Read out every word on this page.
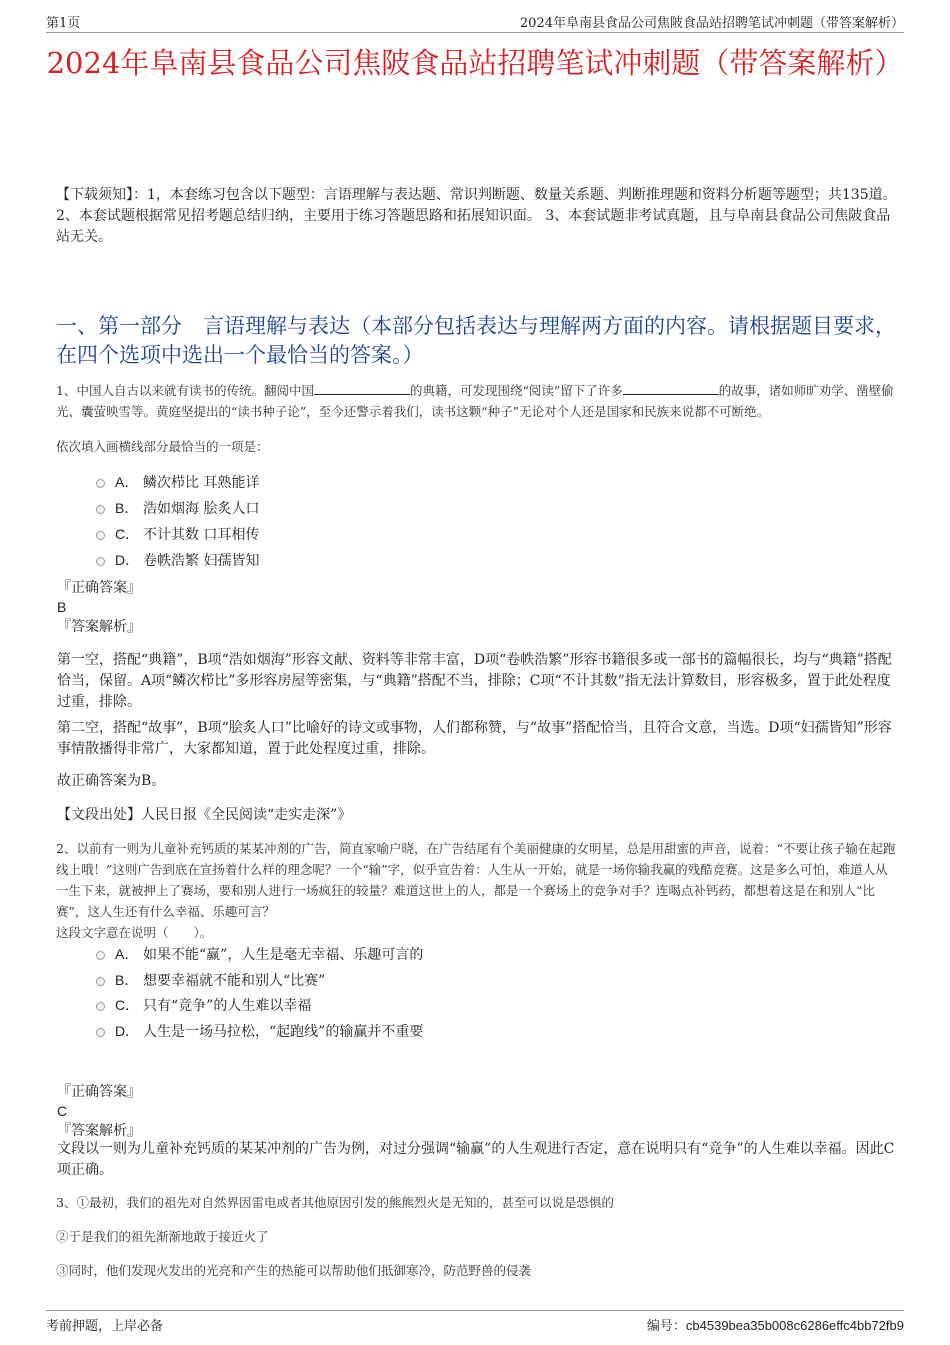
第1页	2024年阜南县食品公司焦陂食品站招聘笔试冲刺题（带答案解析）
2024年阜南县食品公司焦陂食品站招聘笔试冲刺题（带答案解析）
【下载须知】：1，本套练习包含以下题型：言语理解与表达题、常识判断题、数量关系题、判断推理题和资料分析题等题型；共135道。 2、本套试题根据常见招考题总结归纳，主要用于练习答题思路和拓展知识面。 3、本套试题非考试真题，且与阜南县食品公司焦陂食品站无关。
一、第一部分　言语理解与表达（本部分包括表达与理解两方面的内容。请根据题目要求，在四个选项中选出一个最恰当的答案。）
1、中国人自古以来就有读书的传统。翻阅中国	的典籍，可发现围绕“阅读”留下了许多	的故事，诸如师旷劝学、凿壁偷光、囊萤映雪等。黄庭坚提出的“读书种子论”，至今还警示着我们，读书这颗“种子”无论对个人还是国家和民族来说都不可断绝。
依次填入画横线部分最恰当的一项是：
A． 鳞次栉比 耳熟能详
B． 浩如烟海 脍炙人口
C． 不计其数 口耳相传
D． 卷帙浩繁 妇孺皆知
『正确答案』
B
『答案解析』
第一空，搭配“典籍”，B项“浩如烟海”形容文献、资料等非常丰富，D项“卷帙浩繁”形容书籍很多或一部书的篇幅很长，均与“典籍”搭配恰当，保留。A项“鳞次栉比”多形容房屋等密集，与“典籍”搭配不当，排除；C项“不计其数”指无法计算数目，形容极多，置于此处程度过重，排除。
第二空，搭配“故事”，B项“脍炙人口”比喻好的诗文或事物，人们都称赞，与“故事”搭配恰当，且符合文意，当选。D项“妇孺皆知”形容事情散播得非常广，大家都知道，置于此处程度过重，排除。
故正确答案为B。
【文段出处】人民日报《全民阅读“走实走深”》
2、以前有一则为儿童补充钙质的某某冲剂的广告，简直家喻户晓，在广告结尾有个美丽健康的女明星，总是用甜蜜的声音，说着：“不要让孩子输在起跑线上哦！”这则广告到底在宣扬着什么样的理念呢？一个“输”字，似乎宣告着：人生从一开始，就是一场你输我赢的残酷竞赛。这是多么可怕，难道人从一生下来，就被押上了赛场，要和别人进行一场疯狂的较量？难道这世上的人，都是一个赛场上的竞争对手？连喝点补钙药，都想着这是在和别人“比赛”，这人生还有什么幸福、乐趣可言？
这段文字意在说明（　　）。
A． 如果不能“赢”，人生是毫无幸福、乐趣可言的
B． 想要幸福就不能和别人“比赛”
C． 只有“竞争”的人生难以幸福
D． 人生是一场马拉松，“起跑线”的输赢并不重要
『正确答案』
C
『答案解析』
文段以一则为儿童补充钙质的某某冲剂的广告为例，对过分强调“输赢”的人生观进行否定，意在说明只有“竞争”的人生难以幸福。因此C项正确。
3、①最初，我们的祖先对自然界因雷电或者其他原因引发的熊熊烈火是无知的，甚至可以说是恐惧的
②于是我们的祖先渐渐地敢于接近火了
③同时，他们发现火发出的光亮和产生的热能可以帮助他们抵御寒冷，防范野兽的侵袭
考前押题，上岸必备	编号：cb4539bea35b008c6286effc4bb72fb9
